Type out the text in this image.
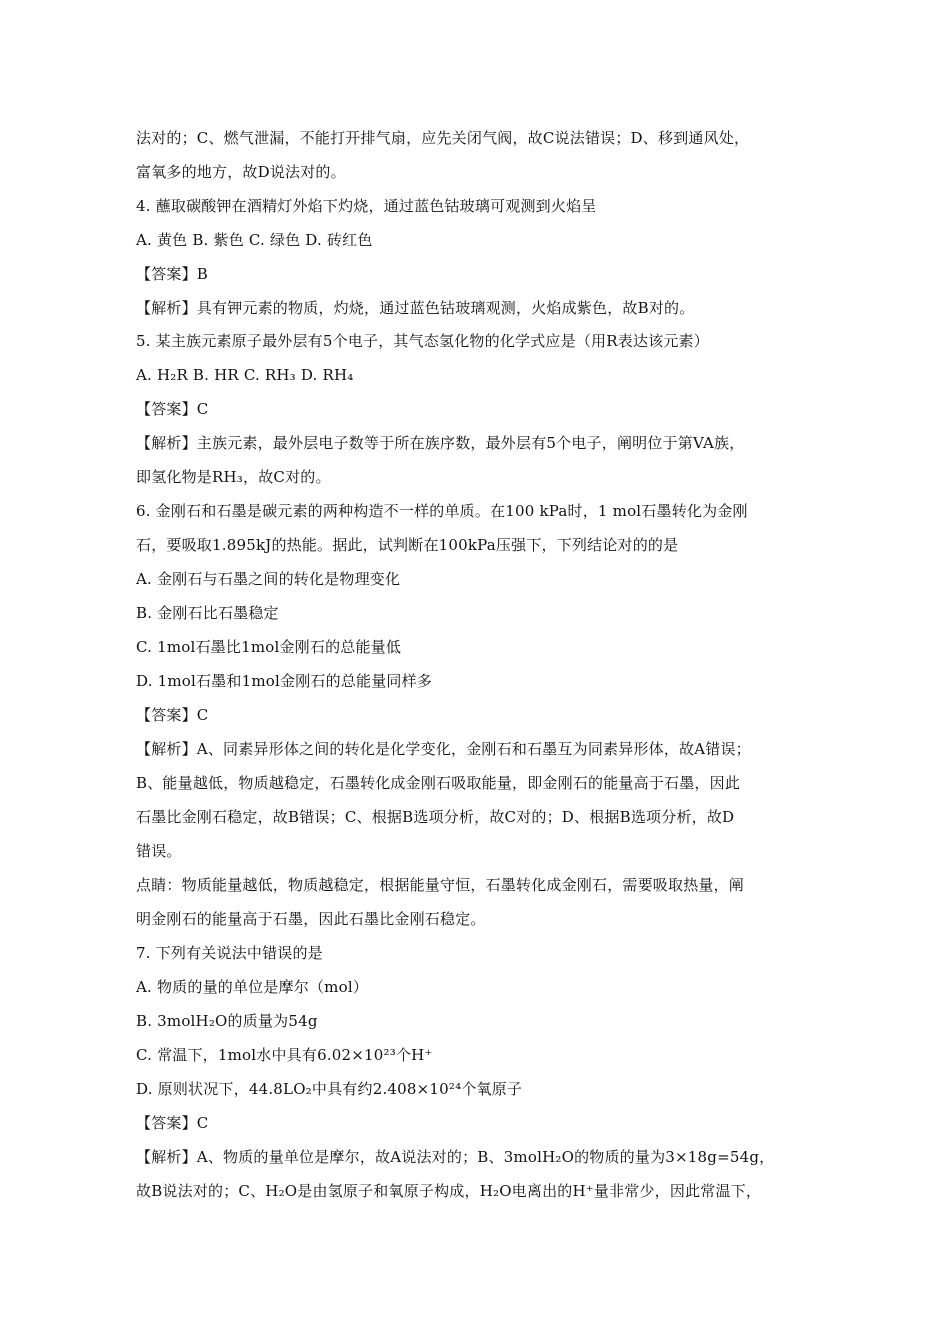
法对的；C、燃气泄漏，不能打开排气扇，应先关闭气阀，故C说法错误；D、移到通风处，
富氧多的地方，故D说法对的。
4. 蘸取碳酸钾在酒精灯外焰下灼烧，通过蓝色钴玻璃可观测到火焰呈
A. 黄色 B. 紫色 C. 绿色 D. 砖红色
【答案】B
【解析】具有钾元素的物质，灼烧，通过蓝色钴玻璃观测，火焰成紫色，故B对的。
5. 某主族元素原子最外层有5个电子，其气态氢化物的化学式应是（用R表达该元素）
A. H₂R B. HR C. RH₃ D. RH₄
【答案】C
【解析】主族元素，最外层电子数等于所在族序数，最外层有5个电子，阐明位于第VA族，
即氢化物是RH₃，故C对的。
6. 金刚石和石墨是碳元素的两种构造不一样的单质。在100 kPa时，1 mol石墨转化为金刚
石，要吸取1.895kJ的热能。据此，试判断在100kPa压强下，下列结论对的的是
A. 金刚石与石墨之间的转化是物理变化
B. 金刚石比石墨稳定
C. 1mol石墨比1mol金刚石的总能量低
D. 1mol石墨和1mol金刚石的总能量同样多
【答案】C
【解析】A、同素异形体之间的转化是化学变化，金刚石和石墨互为同素异形体，故A错误；
B、能量越低，物质越稳定，石墨转化成金刚石吸取能量，即金刚石的能量高于石墨，因此
石墨比金刚石稳定，故B错误；C、根据B选项分析，故C对的；D、根据B选项分析，故D
错误。
点睛：物质能量越低，物质越稳定，根据能量守恒，石墨转化成金刚石，需要吸取热量，阐
明金刚石的能量高于石墨，因此石墨比金刚石稳定。
7. 下列有关说法中错误的是
A. 物质的量的单位是摩尔（mol）
B. 3molH₂O的质量为54g
C. 常温下，1mol水中具有6.02×10²³个H⁺
D. 原则状况下，44.8LO₂中具有约2.408×10²⁴个氧原子
【答案】C
【解析】A、物质的量单位是摩尔，故A说法对的；B、3molH₂O的物质的量为3×18g=54g，
故B说法对的；C、H₂O是由氢原子和氧原子构成，H₂O电离出的H⁺量非常少，因此常温下，
